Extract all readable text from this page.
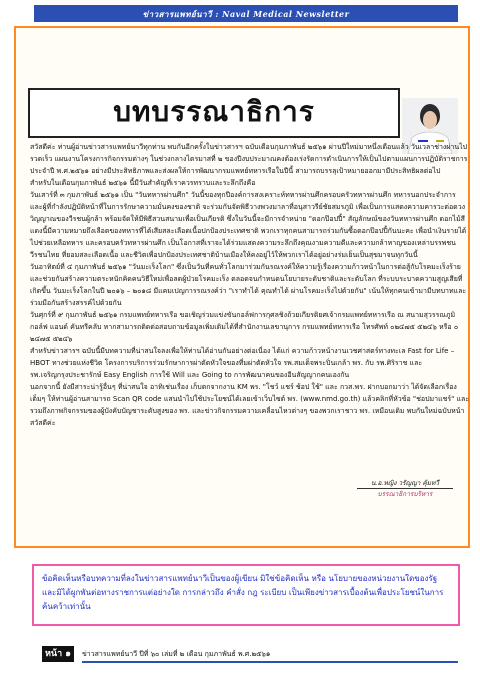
ข่าวสารแพทย์นาวี : Naval Medical Newsletter
บทบรรณาธิการ

สวัสดีค่ะ ท่านผู้อ่านข่าวสารแพทย์นาวีทุกท่าน พบกันอีกครั้งในข่าวสารฯ ฉบับเดือนกุมภาพันธ์ ๒๕๖๑ ผ่านปีใหม่มาหนึ่งเดือนแล้ว วันเวลาช่างผ่านไปรวดเร็ว แผนงานโครงการกิจกรรมต่างๆ ในช่วงกลางไตรมาสที่ ๒ ของปีงบประมาณคงต้องเร่งรัดการดำเนินการให้เป็นไปตามแผนการปฏิบัติราชการประจำปี พ.ศ.๒๕๖๑ อย่างมีประสิทธิภาพและส่งผลให้การพัฒนากรมแพทย์ทหารเรือในปีนี้ สามารถบรรลุเป้าหมายออกมามีประสิทธิผลต่อไป

สำหรับในเดือนกุมภาพันธ์ ๒๕๖๑ นี้มีวันสำคัญที่เราควรทราบและระลึกถึงคือ

วันเสาร์ที่ ๓ กุมภาพันธ์ ๒๕๖๑ เป็น "วันทหารผ่านศึก" วันนี้ของทุกปีองค์การสงเคราะห์ทหารผ่านศึกครอบครัวทหารผ่านศึก ทหารนอกประจำการ และผู้ที่กำลังปฏิบัติหน้าที่ในการรักษาความมั่นคงของชาติ จะร่วมกันจัดพิธีวางพวงมาลาที่อนุสาวรีย์ชัยสมรภูมิ เพื่อเป็นการแสดงความคารวะต่อดวงวิญญาณของวีรชนผู้กล้า พร้อมจัดให้มีพิธีสวนสนามเพื่อเป็นเกียรติ ซึ่งในวันนี้จะมีการจำหน่าย "ดอกป๊อปปี้" สัญลักษณ์ของวันทหารผ่านศึก ดอกไม้สีแดงนี้มีความหมายถึงเลือดของทหารที่ได้เสียสละเลือดเนื้อปกป้องประเทศชาติ พวกเราทุกคนสามารถร่วมกันซื้อดอกป๊อปปี้กันนะคะ เพื่อนำเงินรายได้ไปช่วยเหลือทหาร และครอบครัวทหารผ่านศึก เป็นโอกาสที่เราจะได้ร่วมแสดงความระลึกถึงคุณงามความดีและความกล้าหาญของเหล่าบรรพชนวีรชนไทย ที่ยอมสละเลือดเนื้อ และชีวิตเพื่อปกป้องประเทศชาติบ้านเมืองให้คงอยู่ไว้ให้พวกเราได้อยู่อย่างร่มเย็นเป็นสุขมาจนทุกวันนี้

วันอาทิตย์ที่ ๔ กุมภาพันธ์ ๒๕๖๑ "วันมะเร็งโลก" ซึ่งเป็นวันที่คนทั่วโลกมาร่วมกันรณรงค์ให้ความรู้เรื่องความก้าวหน้าในการต่อสู้กับโรคมะเร็งร้าย และช่วยกันสร้างความตระหนักคิดคนวิธีใหม่เพื่อลดผู้ป่วยโรคมะเร็ง ตลอดจนกำหนดนโยบายระดับชาติและระดับโลก ที่ระบบระบาดความสูญเสียที่เกิดขึ้น วันมะเร็งโลกในปี ๒๐๑๖ – ๒๐๑๘ มีแคมเปญการรณรงค์ว่า "เราทำได้ คุณทำได้ ผ่านโรคมะเร็งไปด้วยกัน" เน้นให้ทุกคนเข้ามามีบทบาทและร่วมมือกันสร้างสรรค์ไปด้วยกัน

วันศุกร์ที่ ๙ กุมภาพันธ์ ๒๕๖๑ กรมแพทย์ทหารเรือ ขอเชิญร่วมแข่งขันกอล์ฟการกุศลชิงถ้วยเกียรติยศเจ้ากรมแพทย์ทหารเรือ ณ สนามสุวรรณภูมิ กอล์ฟ แอนด์ คันทรีคลับ หากสามารถติดต่อสอบถามข้อมูลเพิ่มเติมได้ที่สำนักงานเลขานุการ กรมแพทย์ทหารเรือ โทรศัพท์ ๐๒๔๗๕ ๕๒๔๖ หรือ ๐ ๒๔๗๕ ๕๒๔๖

สำหรับข่าวสารฯ ฉบับนี้มีบทความที่น่าสนใจลงเพื่อให้ท่านได้อ่านกันอย่างต่อเนื่อง ได้แก่ ความก้าวหน้างานเวชศาสตร์ทางทะเล Fast for Life – HBOT ทางช่วยแห่งชีวิต โครงการบริการร่วมรักษาการผ่าตัดหัวใจของที่มผ่าตัดหัวใจ รพ.สมเด็จพระปิ่นเกล้า พร. กับ รพ.ศิริราช และ รพ.เจริญกรุงประชารักษ์ Easy English การใช้ Will และ Going to การพัฒนาคนของอีนสัญญากคนเองกัน

นอกจากนี้ ยังมีสาระน่ารู้อื่นๆ ที่น่าสนใจ อาทิเช่นเรื่อง เก็บตกจากงาน KM พร. "โชว์ แชร์ ช้อป ใช้" และ กวส.พร. ฝากบอกมาว่า ได้จัดเลือกเรื่องเต็มๆ ให้ท่านผู้อ่านสามารถ Scan QR code แสนนำไปใช้ประโยชน์ได้เลยเข้าเว็บไซต์ พร. (www.nmd.go.th) แล้วคลิกที่หัวข้อ "ช่อปมาแชร์" และ รวมถึงภาพกิจกรรมของผู้บังคับบัญชาระดับสูงของ พร. และข่าวกิจกรรมความเคลื่อนไหวต่างๆ ของพวกเราชาว พร. เหมือนเดิม พบกันใหม่ฉบับหน้า สวัสดีค่ะ

น.อ.หญิง วรัญญา คุ้มทวี
บรรณาธิการบริหาร
ข้อคิดเห็นหรือบทความที่ลงในข่าวสารแพทย์นาวีเป็นของผู้เขียน มิใช่ข้อคิดเห็น หรือ นโยบายของหน่วยงานใดของรัฐ และมิได้ผูกพันต่อทางราชการแต่อย่างใด การกล่าวถึง คำสั่ง กฎ ระเบียบ เป็นเพียงข่าวสารเบื้องต้นเพื่อประโยชน์ในการค้นคว้าเท่านั้น
หน้า ๑	ข่าวสารแพทย์นาวี ปีที่ ๖๐ เล่มที่ ๒ เดือน กุมภาพันธ์ พ.ศ.๒๕๖๑
